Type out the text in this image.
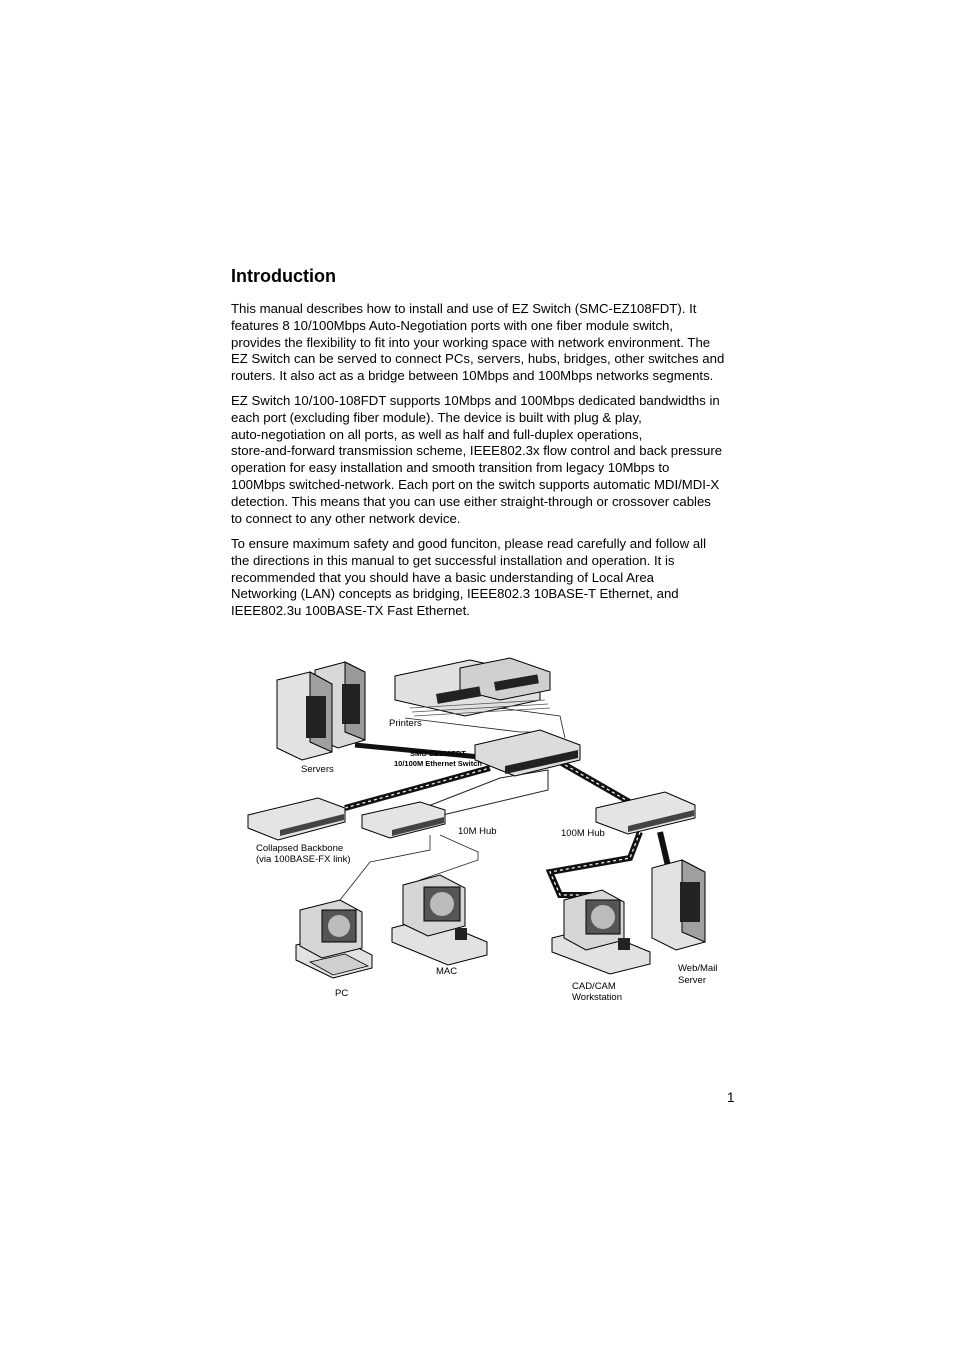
Introduction

This manual describes how to install and use of EZ Switch (SMC-EZ108FDT). It
features 8 10/100Mbps Auto-Negotiation ports with one fiber module switch,
provides the flexibility to fit into your working space with network environment. The
EZ Switch can be served to connect PCs, servers, hubs, bridges, other switches and
routers. It also act as a bridge between 10Mbps and 100Mbps networks segments.

EZ Switch 10/100-108FDT supports 10Mbps and 100Mbps dedicated bandwidths in
each port (excluding fiber module). The device is built with plug & play,
auto-negotiation on all ports, as well as half and full-duplex operations,
store-and-forward transmission scheme, IEEE802.3x flow control and back pressure
operation for easy installation and smooth transition from legacy 10Mbps to
100Mbps switched-network. Each port on the switch supports automatic MDI/MDI-X
detection. This means that you can use either straight-through or crossover cables
to connect to any other network device.

To ensure maximum safety and good funciton, please read carefully and follow all
the directions in this manual to get successful installation and operation. It is
recommended that you should have a basic understanding of Local Area
Networking (LAN) concepts as bridging, IEEE802.3 10BASE-T Ethernet, and
IEEE802.3u 100BASE-TX Fast Ethernet.

Printers
Servers
SMC-EZ108FDT
10/100M Ethernet Switch
10M Hub	100M Hub
Collapsed Backbone
(via 100BASE-FX link)
PC
MAC
CAD/CAM
Workstation
Web/Mail
Server
1
